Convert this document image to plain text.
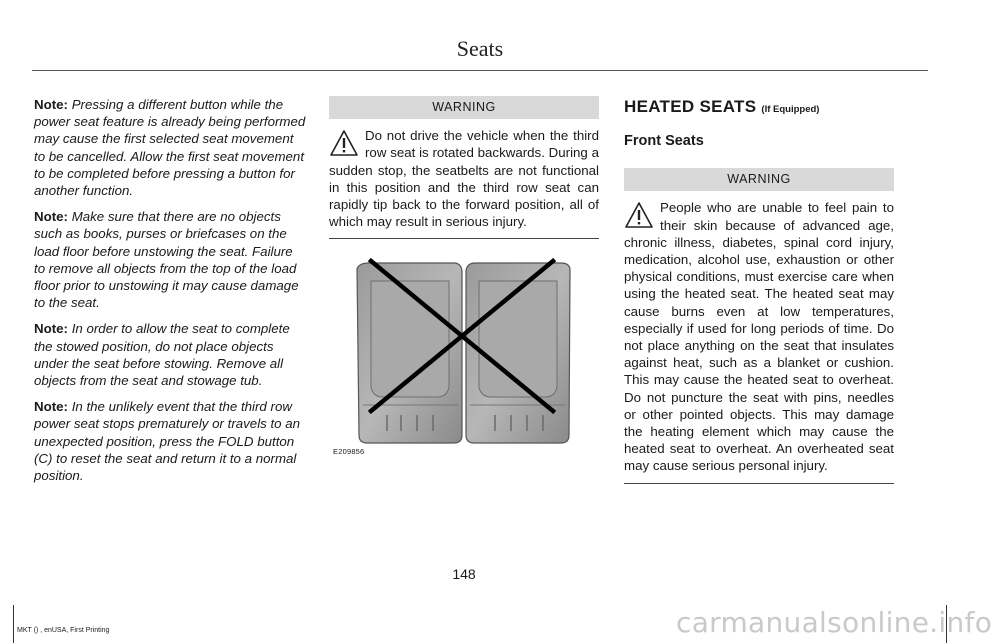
Seats

Note: Pressing a different button while the power seat feature is already being performed may cause the first selected seat movement to be cancelled. Allow the first seat movement to be completed before pressing a button for another function.

Note: Make sure that there are no objects such as books, purses or briefcases on the load floor before unstowing the seat. Failure to remove all objects from the top of the load floor prior to unstowing it may cause damage to the seat.

Note: In order to allow the seat to complete the stowed position, do not place objects under the seat before stowing. Remove all objects from the seat and stowage tub.

Note: In the unlikely event that the third row power seat stops prematurely or travels to an unexpected position, press the FOLD button (C) to reset the seat and return it to a normal position.

WARNING
Do not drive the vehicle when the third row seat is rotated backwards. During a sudden stop, the seatbelts are not functional in this position and the third row seat can rapidly tip back to the forward position, all of which may result in serious injury.
E209856
HEATED SEATS (If Equipped)
Front Seats
WARNING
People who are unable to feel pain to their skin because of advanced age, chronic illness, diabetes, spinal cord injury, medication, alcohol use, exhaustion or other physical conditions, must exercise care when using the heated seat. The heated seat may cause burns even at low temperatures, especially if used for long periods of time. Do not place anything on the seat that insulates against heat, such as a blanket or cushion. This may cause the heated seat to overheat. Do not puncture the seat with pins, needles or other pointed objects. This may damage the heating element which may cause the heated seat to overheat. An overheated seat may cause serious personal injury.
148
MKT () , enUSA, First Printing	carmanualsonline.info
